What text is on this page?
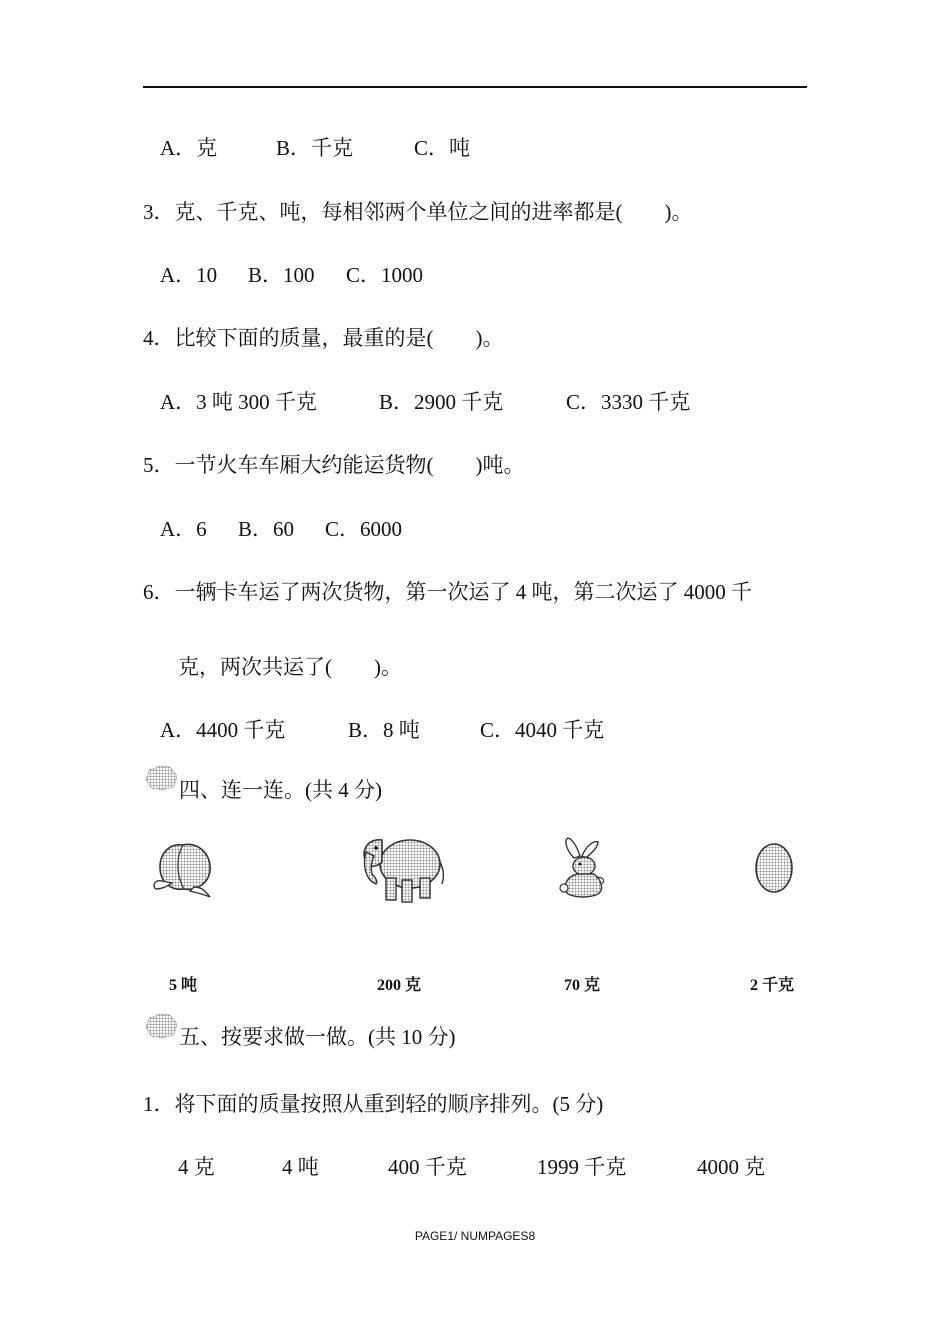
A．克	B．千克	C．吨
3．克、千克、吨，每相邻两个单位之间的进率都是(　　)。
A．10 B．100 C．1000
4．比较下面的质量，最重的是(　　)。
A．3 吨 300 千克	B．2900 千克	C．3330 千克
5．一节火车车厢大约能运货物(　　)吨。
A．6 B．60 C．6000
6．一辆卡车运了两次货物，第一次运了 4 吨，第二次运了 4000 千
克，两次共运了(　　)。
A．4400 千克	B．8 吨	C．4040 千克
四、连一连。(共 4 分)
5 吨	200 克	70 克	2 千克
五、按要求做一做。(共 10 分)
1．将下面的质量按照从重到轻的顺序排列。(5 分)
4 克	4 吨	400 千克	1999 千克	4000 克
PAGE1/ NUMPAGES8
